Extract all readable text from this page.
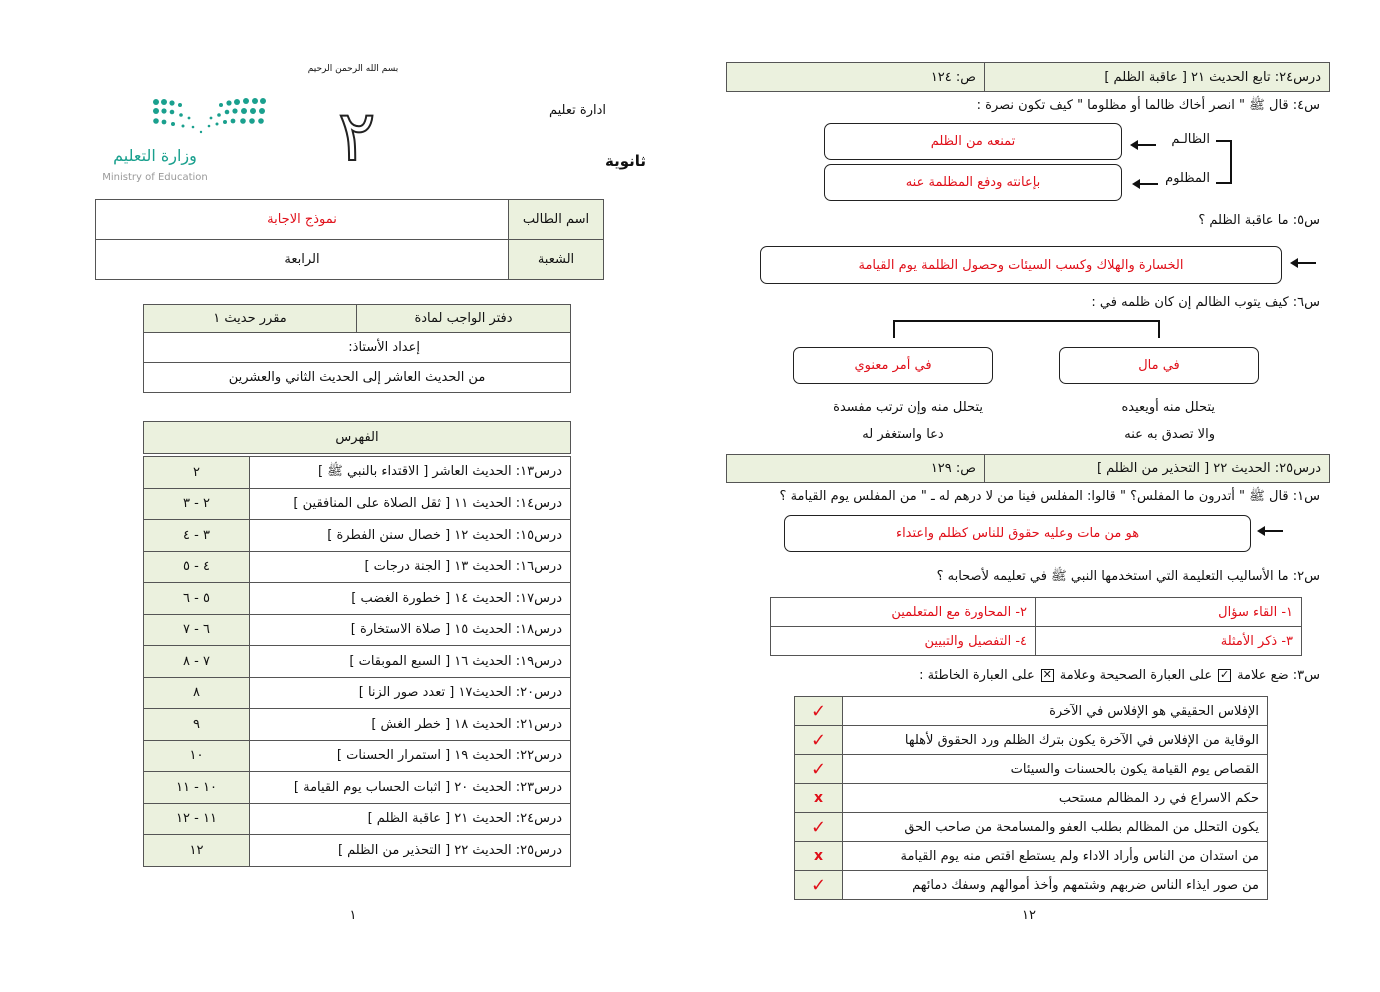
بسم الله الرحمن الرحيم
ادارة تعليم
ثانوية
وزارة التعليم
Ministry of Education
٢
اسم الطالب	نموذج الاجابة
الشعبة	الرابعة
دفتر الواجب لمادة	مقرر حديث ١
إعداد الأستاذ:
من الحديث العاشر إلى الحديث الثاني والعشرين
الفهرس
درس١٣: الحديث العاشر [ الاقتداء بالنبي ﷺ ]	٢
درس١٤: الحديث ١١ [ ثقل الصلاة على المنافقين ]	٢ - ٣
درس١٥: الحديث ١٢ [ خصال سنن الفطرة ]	٣ - ٤
درس١٦: الحديث ١٣ [ الجنة درجات ]	٤ - ٥
درس١٧: الحديث ١٤ [ خطورة الغضب ]	٥ - ٦
درس١٨: الحديث ١٥ [ صلاة الاستخارة ]	٦ - ٧
درس١٩: الحديث ١٦ [ السبع الموبقات ]	٧ - ٨
درس٢٠: الحديث١٧ [ تعدد صور الزنا ]	٨
درس٢١: الحديث ١٨ [ خطر الغش ]	٩
درس٢٢: الحديث ١٩ [ استمرار الحسنات ]	١٠
درس٢٣: الحديث ٢٠ [ اثبات الحساب يوم القيامة ]	١٠ - ١١
درس٢٤: الحديث ٢١ [ عاقبة الظلم ]	١١ - ١٢
درس٢٥: الحديث ٢٢ [ التحذير من الظلم ]	١٢
١
درس٢٤: تابع الحديث ٢١ [ عاقبة الظلم ]	ص: ١٢٤
س٤: قال ﷺ " انصر أخاك ظالما أو مظلوما " كيف تكون نصرة :
الظالـم
المظلوم
تمنعه من الظلم
بإعانته ودفع المظلمة عنه
س٥: ما عاقبة الظلم ؟
الخسارة والهلاك وكسب السيئات وحصول الظلمة يوم القيامة
س٦: كيف يتوب الظالم إن كان ظلمه في :
في مال
في أمر معنوي
يتحلل منه أويعيده
والا تصدق به عنه
يتحلل منه وإن ترتب مفسدة
دعا واستغفر له
درس٢٥: الحديث ٢٢ [ التحذير من الظلم ]	ص: ١٢٩
س١: قال ﷺ " أتدرون ما المفلس؟ " قالوا: المفلس فينا من لا درهم له ـ " من المفلس يوم القيامة ؟
هو من مات وعليه حقوق للناس كظلم واعتداء
س٢: ما الأساليب التعليمة التي استخدمها النبي ﷺ في تعليمه لأصحابه ؟
١- القاء سؤال	٢- المحاورة مع المتعلمين
٣- ذكر الأمثلة	٤- التفصيل والتبيين
س٣: ضع علامة
✓
على العبارة الصحيحة وعلامة
✕
على العبارة الخاطئة :
الإفلاس الحقيقي هو الإفلاس في الآخرة	✓
الوقاية من الإفلاس في الآخرة يكون بترك الظلم ورد الحقوق لأهلها	✓
القصاص يوم القيامة يكون بالحسنات والسيئات	✓
حكم الاسراع في رد المظالم مستحب	x
يكون التحلل من المظالم بطلب العفو والمسامحة من صاحب الحق	✓
من استدان من الناس وأراد الاداء ولم يستطع اقتص منه يوم القيامة	x
من صور ايذاء الناس ضربهم وشتمهم وأخذ أموالهم وسفك دمائهم	✓
١٢
